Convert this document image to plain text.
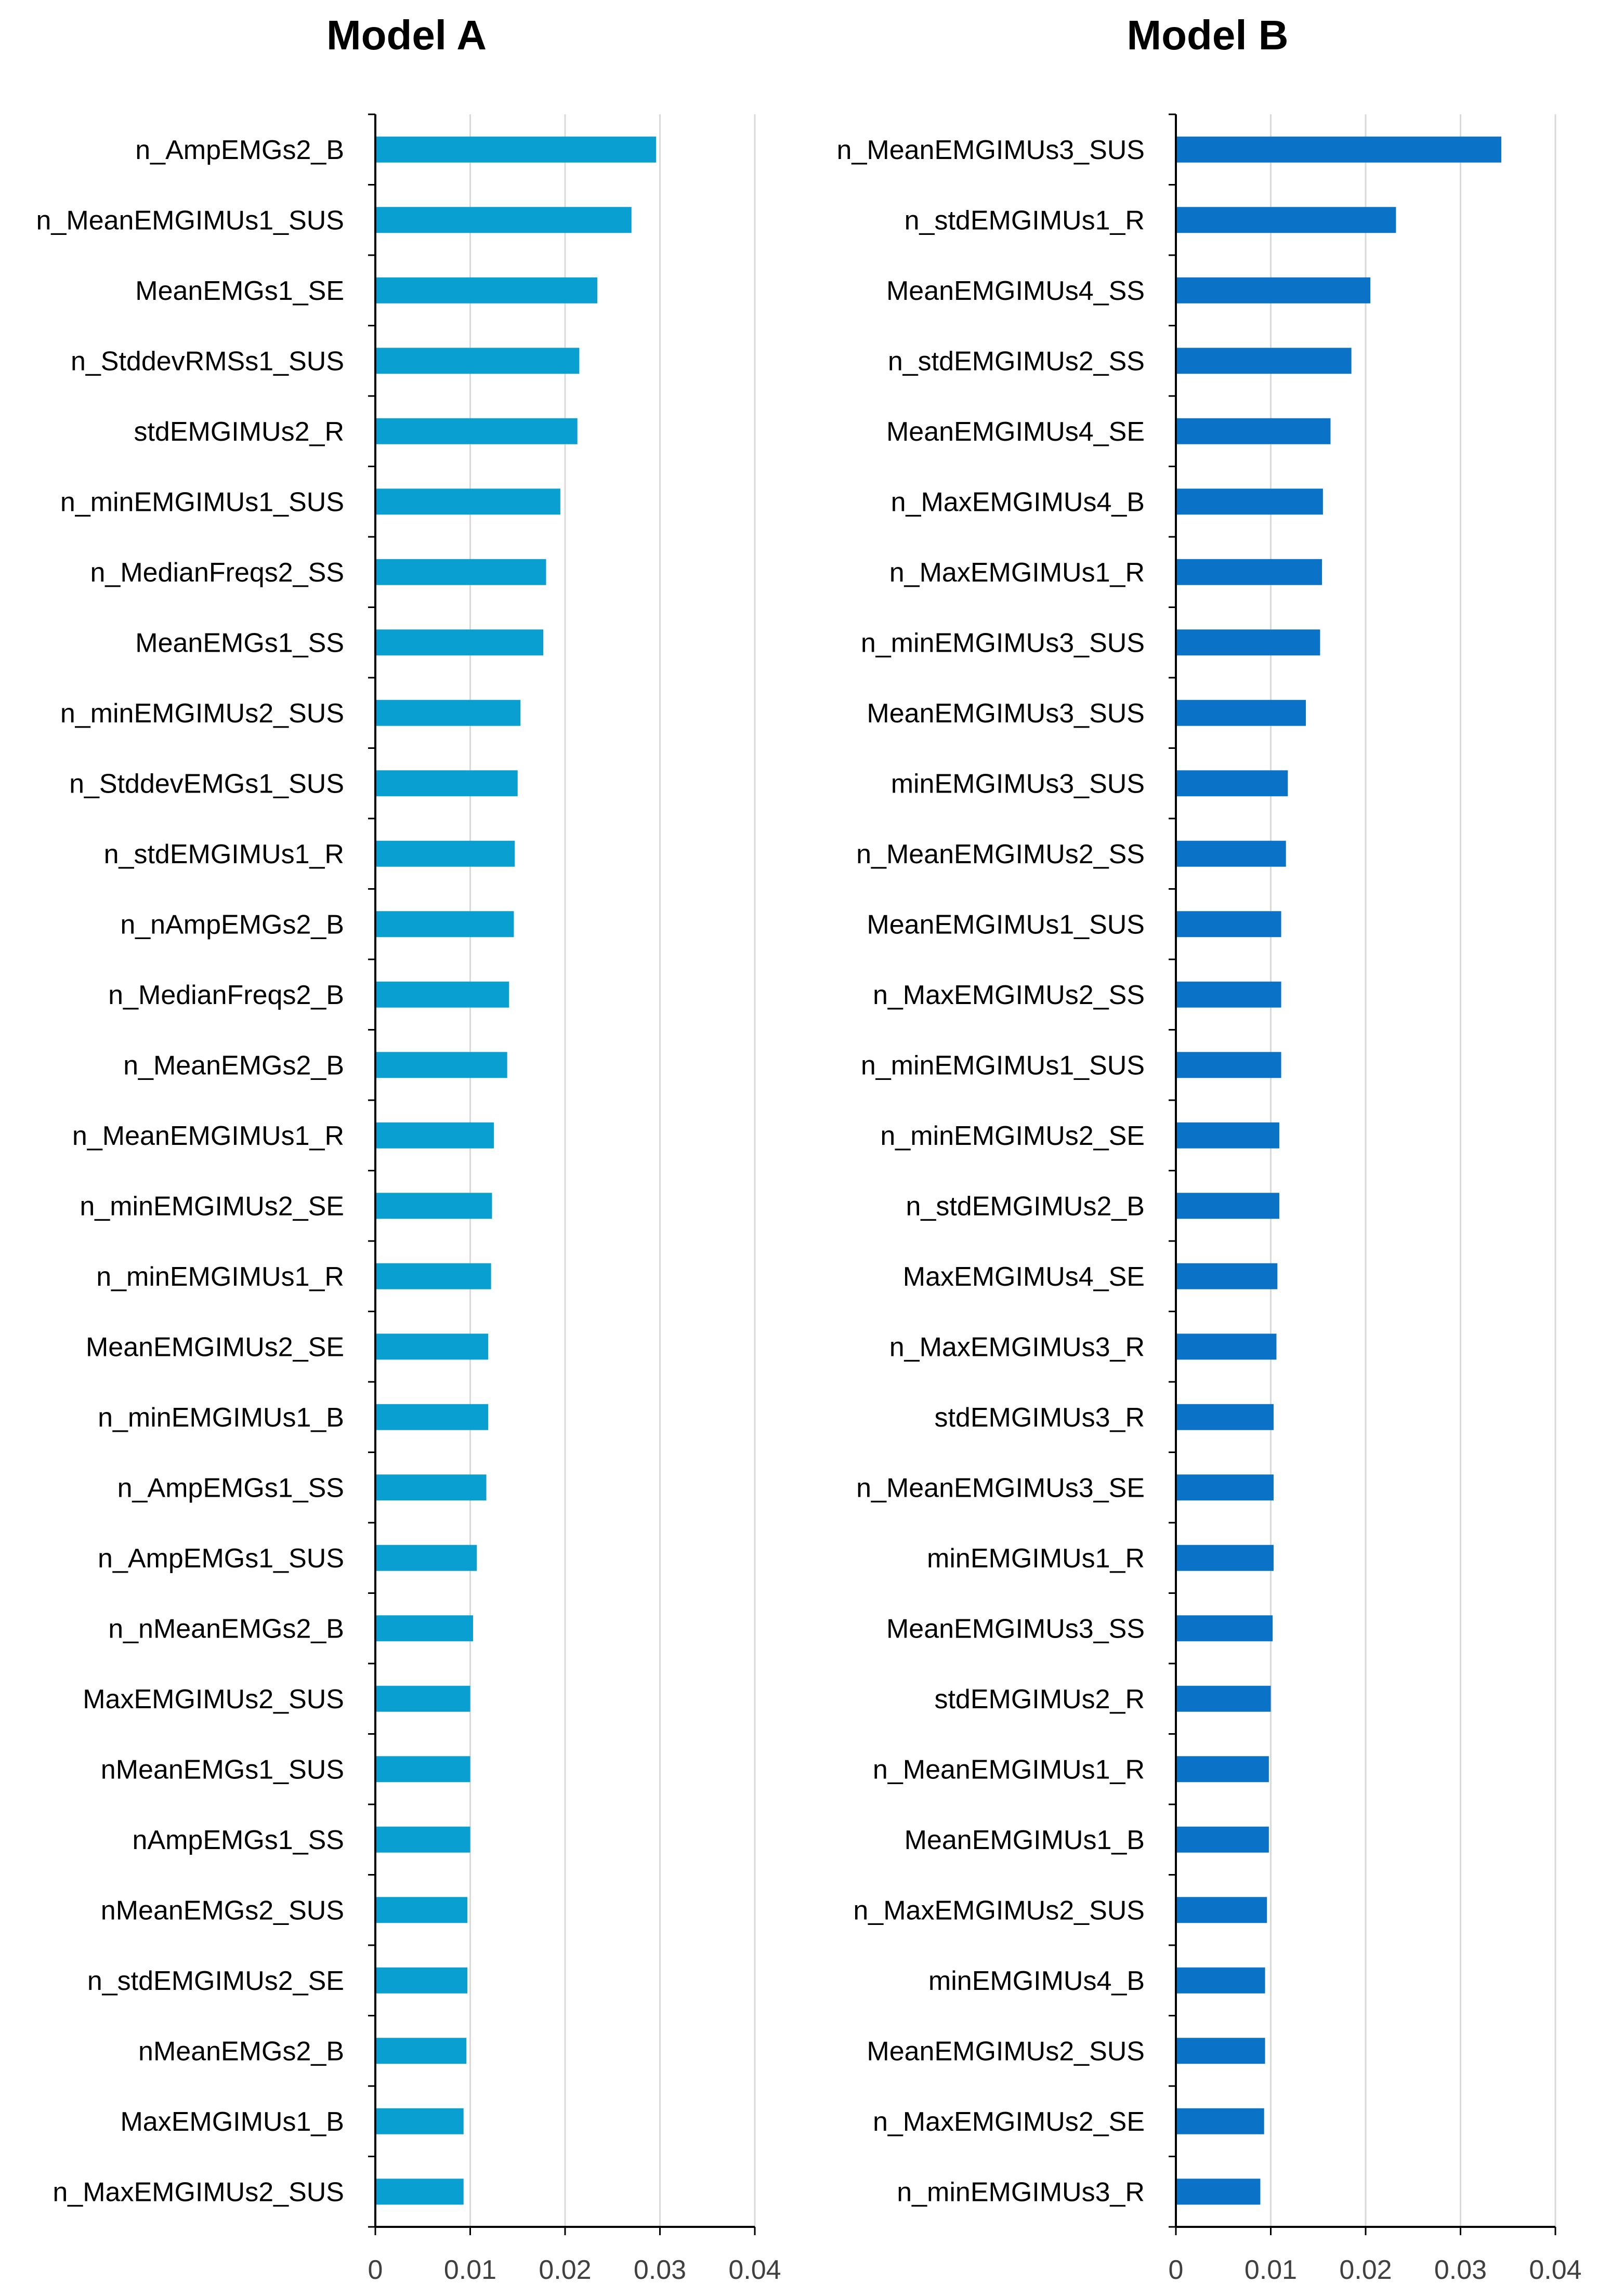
Model A
0 0.01 0.02 0.03 0.04
n_AmpEMGs2_B
n_MeanEMGIMUs1_SUS
MeanEMGs1_SE
n_StddevRMSs1_SUS
stdEMGIMUs2_R
n_minEMGIMUs1_SUS
n_MedianFreqs2_SS
MeanEMGs1_SS
n_minEMGIMUs2_SUS
n_StddevEMGs1_SUS
n_stdEMGIMUs1_R
n_nAmpEMGs2_B
n_MedianFreqs2_B
n_MeanEMGs2_B
n_MeanEMGIMUs1_R
n_minEMGIMUs2_SE
n_minEMGIMUs1_R
MeanEMGIMUs2_SE
n_minEMGIMUs1_B
n_AmpEMGs1_SS
n_AmpEMGs1_SUS
n_nMeanEMGs2_B
MaxEMGIMUs2_SUS
nMeanEMGs1_SUS
nAmpEMGs1_SS
nMeanEMGs2_SUS
n_stdEMGIMUs2_SE
nMeanEMGs2_B
MaxEMGIMUs1_B
n_MaxEMGIMUs2_SUS
Model B
0 0.01 0.02 0.03 0.04
n_MeanEMGIMUs3_SUS
n_stdEMGIMUs1_R
MeanEMGIMUs4_SS
n_stdEMGIMUs2_SS
MeanEMGIMUs4_SE
n_MaxEMGIMUs4_B
n_MaxEMGIMUs1_R
n_minEMGIMUs3_SUS
MeanEMGIMUs3_SUS
minEMGIMUs3_SUS
n_MeanEMGIMUs2_SS
MeanEMGIMUs1_SUS
n_MaxEMGIMUs2_SS
n_minEMGIMUs1_SUS
n_minEMGIMUs2_SE
n_stdEMGIMUs2_B
MaxEMGIMUs4_SE
n_MaxEMGIMUs3_R
stdEMGIMUs3_R
n_MeanEMGIMUs3_SE
minEMGIMUs1_R
MeanEMGIMUs3_SS
stdEMGIMUs2_R
n_MeanEMGIMUs1_R
MeanEMGIMUs1_B
n_MaxEMGIMUs2_SUS
minEMGIMUs4_B
MeanEMGIMUs2_SUS
n_MaxEMGIMUs2_SE
n_minEMGIMUs3_R
